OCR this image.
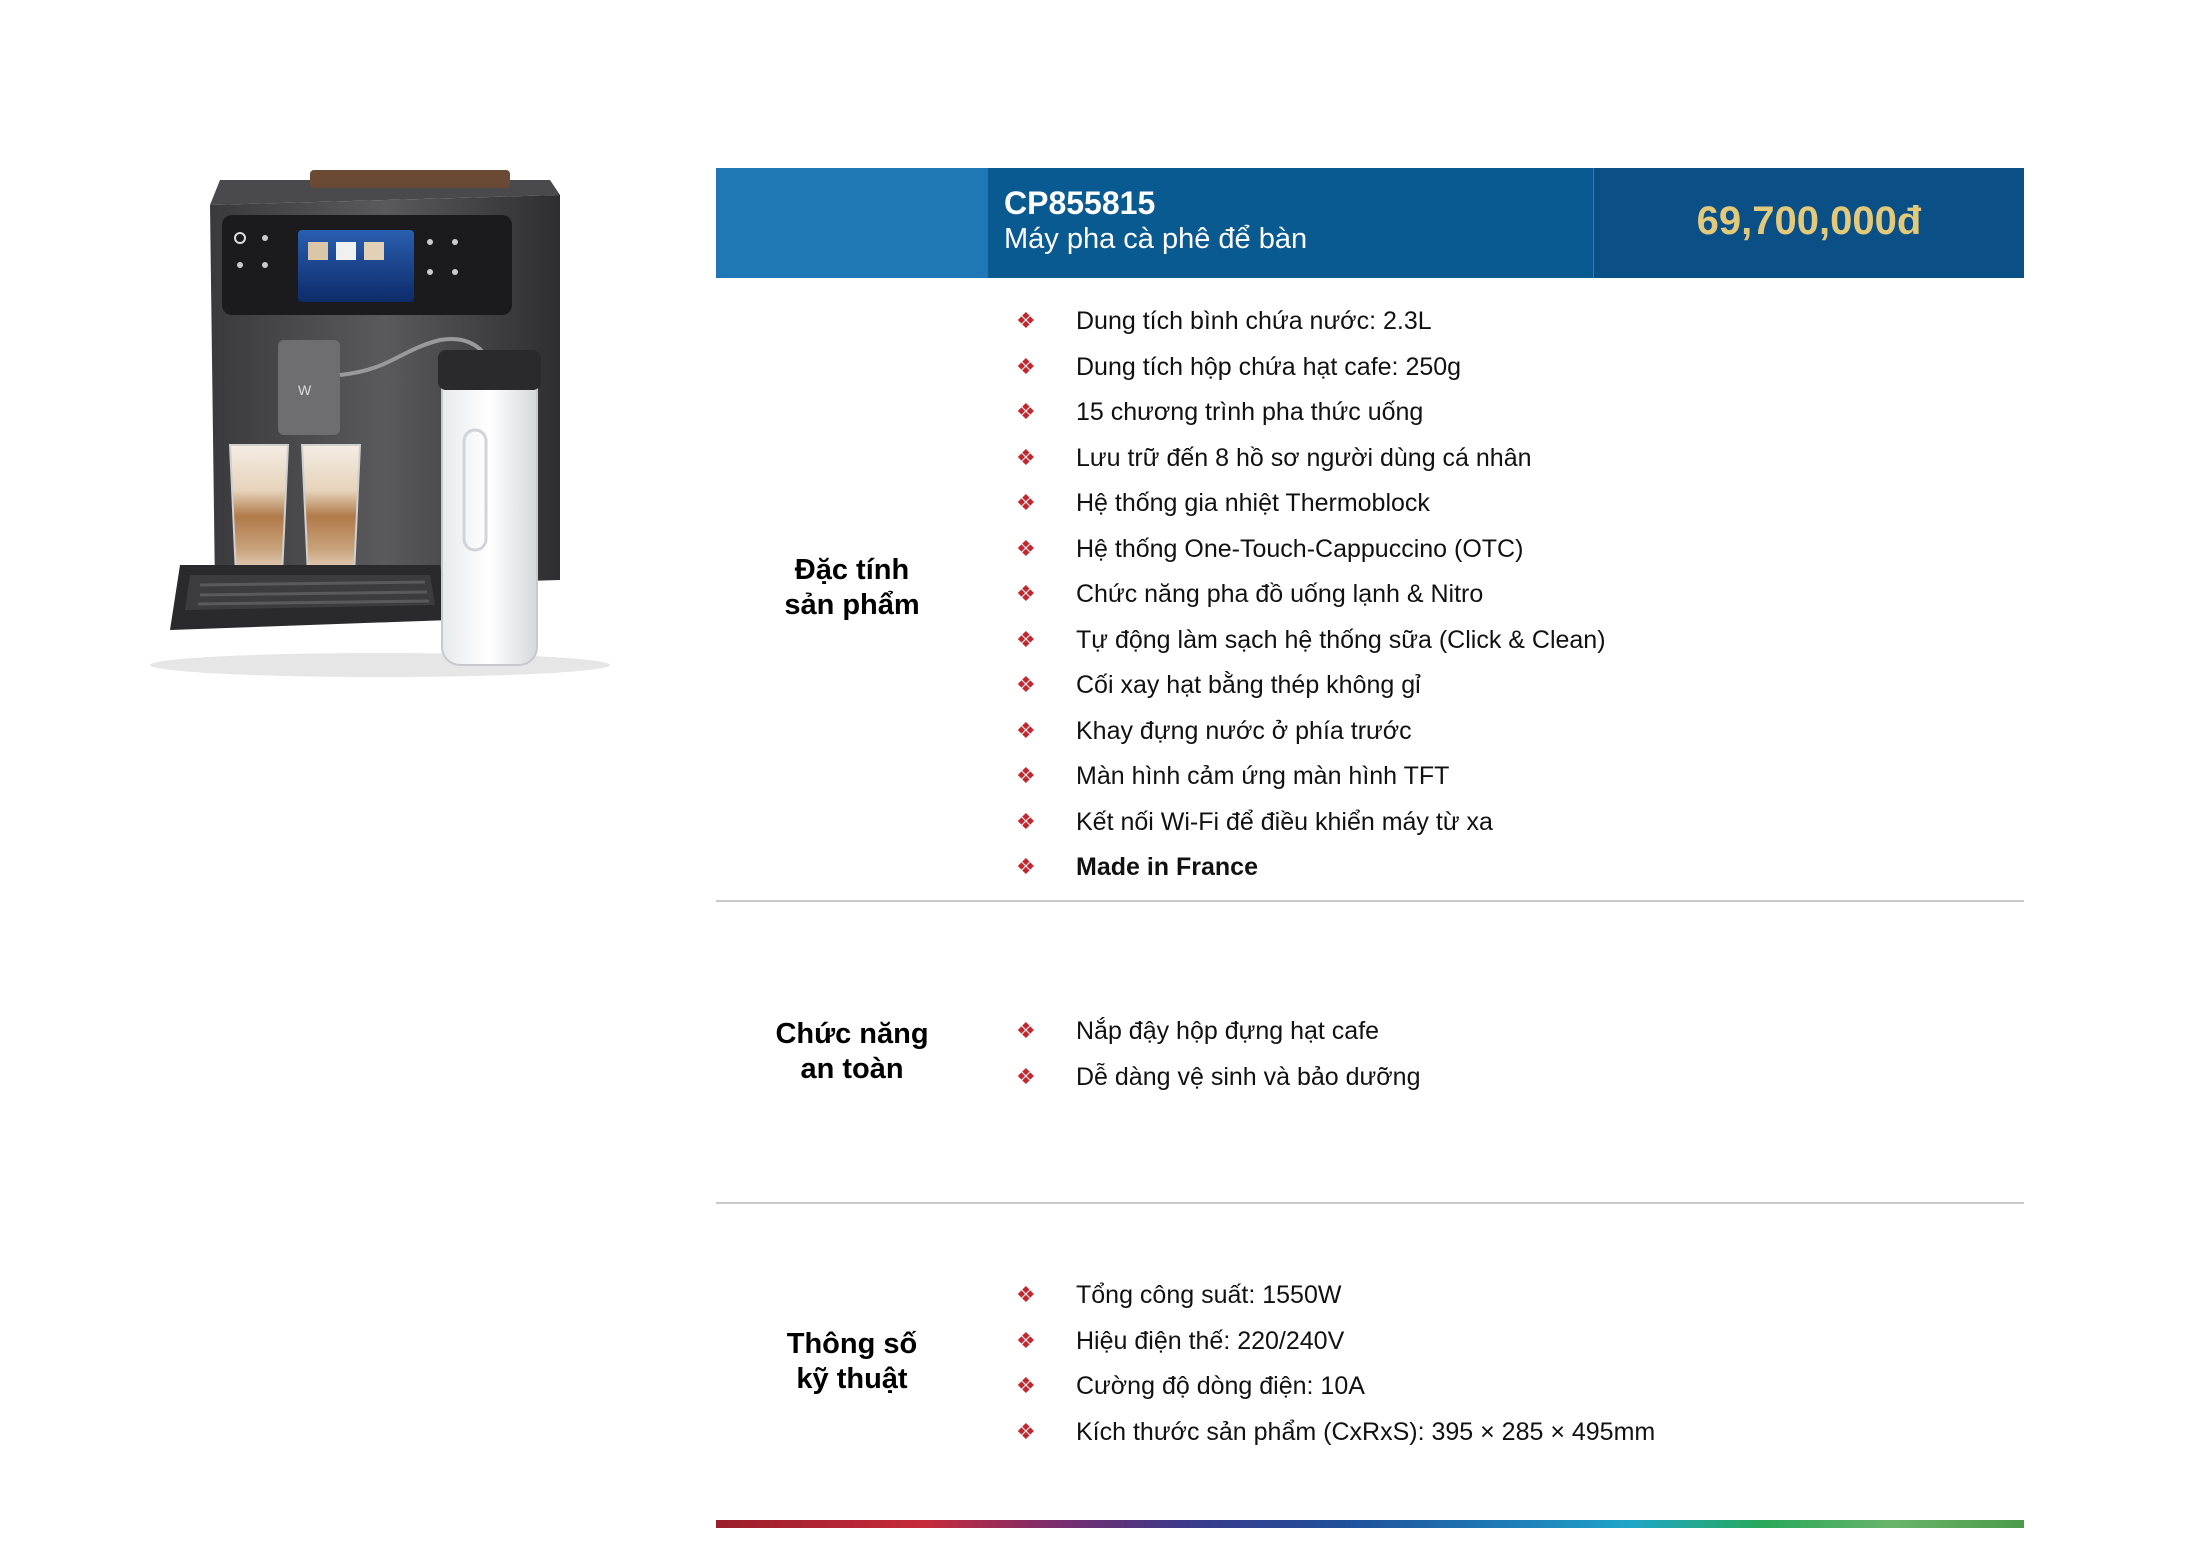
W
CP855815
Máy pha cà phê để bàn	69,700,000đ
Đặc tính
sản phẩm
❖ Dung tích bình chứa nước: 2.3L
❖ Dung tích hộp chứa hạt cafe: 250g
❖ 15 chương trình pha thức uống
❖ Lưu trữ đến 8 hồ sơ người dùng cá nhân
❖ Hệ thống gia nhiệt Thermoblock
❖ Hệ thống One-Touch-Cappuccino (OTC)
❖ Chức năng pha đồ uống lạnh & Nitro
❖ Tự động làm sạch hệ thống sữa (Click & Clean)
❖ Cối xay hạt bằng thép không gỉ
❖ Khay đựng nước ở phía trước
❖ Màn hình cảm ứng màn hình TFT
❖ Kết nối Wi-Fi để điều khiển máy từ xa
❖ Made in France
Chức năng
an toàn
❖ Nắp đậy hộp đựng hạt cafe
❖ Dễ dàng vệ sinh và bảo dưỡng
Thông số
kỹ thuật
❖ Tổng công suất: 1550W
❖ Hiệu điện thế: 220/240V
❖ Cường độ dòng điện: 10A
❖ Kích thước sản phẩm (CxRxS): 395 × 285 × 495mm
